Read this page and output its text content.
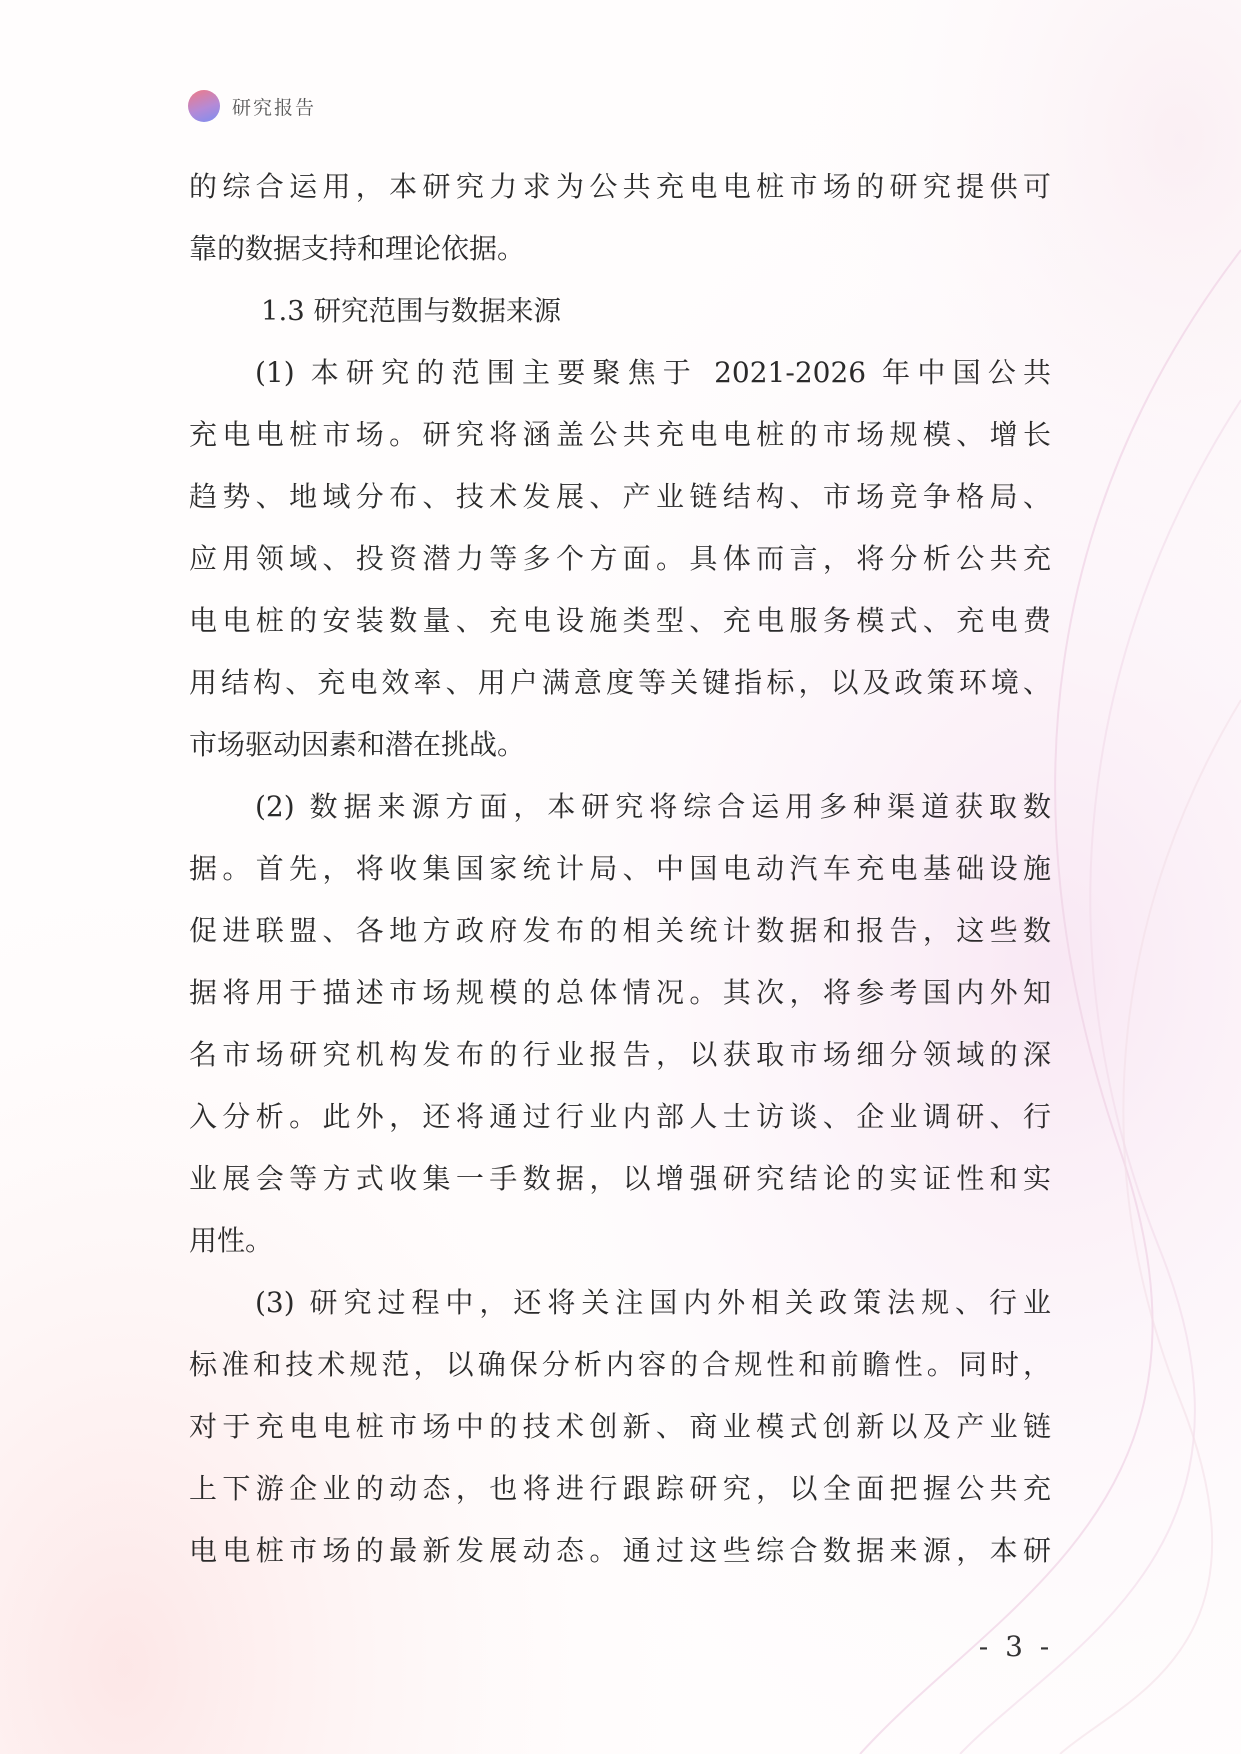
研究报告
的综合运用，本研究力求为公共充电电桩市场的研究提供可
靠的数据支持和理论依据。
1.3 研究范围与数据来源
(1) 本研究的范围主要聚焦于 2021-2026 年中国公共
充电电桩市场。研究将涵盖公共充电电桩的市场规模、增长
趋势、地域分布、技术发展、产业链结构、市场竞争格局、
应用领域、投资潜力等多个方面。具体而言，将分析公共充
电电桩的安装数量、充电设施类型、充电服务模式、充电费
用结构、充电效率、用户满意度等关键指标，以及政策环境、
市场驱动因素和潜在挑战。
(2) 数据来源方面，本研究将综合运用多种渠道获取数
据。首先，将收集国家统计局、中国电动汽车充电基础设施
促进联盟、各地方政府发布的相关统计数据和报告，这些数
据将用于描述市场规模的总体情况。其次，将参考国内外知
名市场研究机构发布的行业报告，以获取市场细分领域的深
入分析。此外，还将通过行业内部人士访谈、企业调研、行
业展会等方式收集一手数据，以增强研究结论的实证性和实
用性。
(3) 研究过程中，还将关注国内外相关政策法规、行业
标准和技术规范，以确保分析内容的合规性和前瞻性。同时，
对于充电电桩市场中的技术创新、商业模式创新以及产业链
上下游企业的动态，也将进行跟踪研究，以全面把握公共充
电电桩市场的最新发展动态。通过这些综合数据来源，本研
- 3 -
